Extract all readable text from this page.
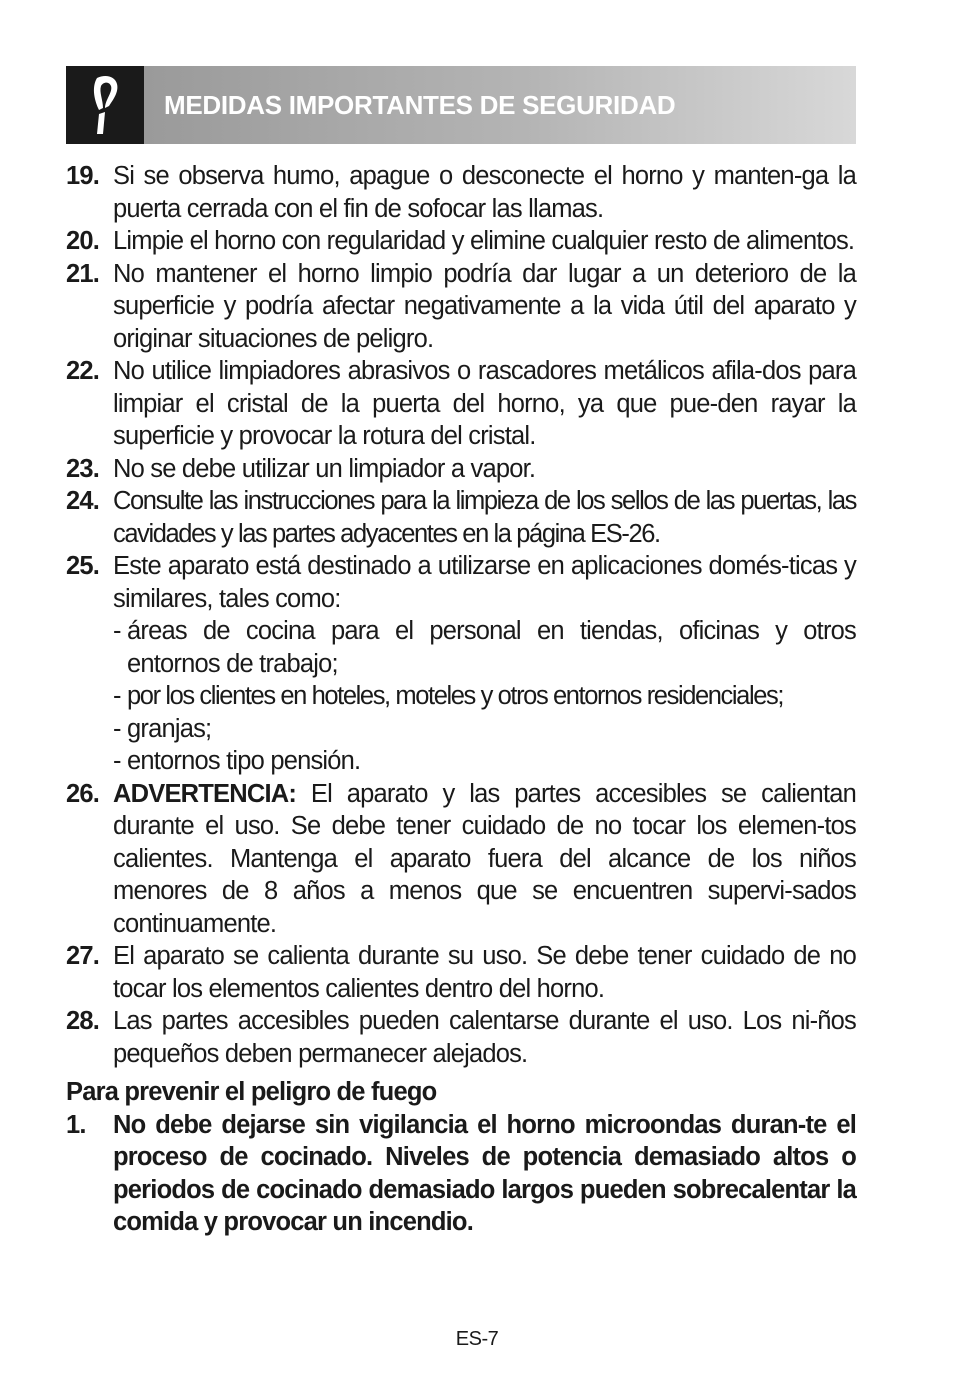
MEDIDAS IMPORTANTES DE SEGURIDAD
19. Si se observa humo, apague o desconecte el horno y manten-ga la puerta cerrada con el fin de sofocar las llamas.
20. Limpie el horno con regularidad y elimine cualquier resto de alimentos.
21. No mantener el horno limpio podría dar lugar a un deterioro de la superficie y podría afectar negativamente a la vida útil del aparato y originar situaciones de peligro.
22. No utilice limpiadores abrasivos o rascadores metálicos afila-dos para limpiar el cristal de la puerta del horno, ya que pue-den rayar la superficie y provocar la rotura del cristal.
23. No se debe utilizar un limpiador a vapor.
24. Consulte las instrucciones para la limpieza de los sellos de las puertas, las cavidades y las partes adyacentes en la página ES-26.
25. Este aparato está destinado a utilizarse en aplicaciones domés-ticas y similares, tales como:
- áreas de cocina para el personal en tiendas, oficinas y otros entornos de trabajo;
- por los clientes en hoteles, moteles y otros entornos residenciales;
- granjas;
- entornos tipo pensión.
26. ADVERTENCIA: El aparato y las partes accesibles se calientan durante el uso. Se debe tener cuidado de no tocar los elemen-tos calientes. Mantenga el aparato fuera del alcance de los niños menores de 8 años a menos que se encuentren supervi-sados continuamente.
27. El aparato se calienta durante su uso. Se debe tener cuidado de no tocar los elementos calientes dentro del horno.
28. Las partes accesibles pueden calentarse durante el uso. Los ni-ños pequeños deben permanecer alejados.
Para prevenir el peligro de fuego
1.	No debe dejarse sin vigilancia el horno microondas duran-te el proceso de cocinado. Niveles de potencia demasiado altos o periodos de cocinado demasiado largos pueden sobrecalentar la comida y provocar un incendio.
ES-7
